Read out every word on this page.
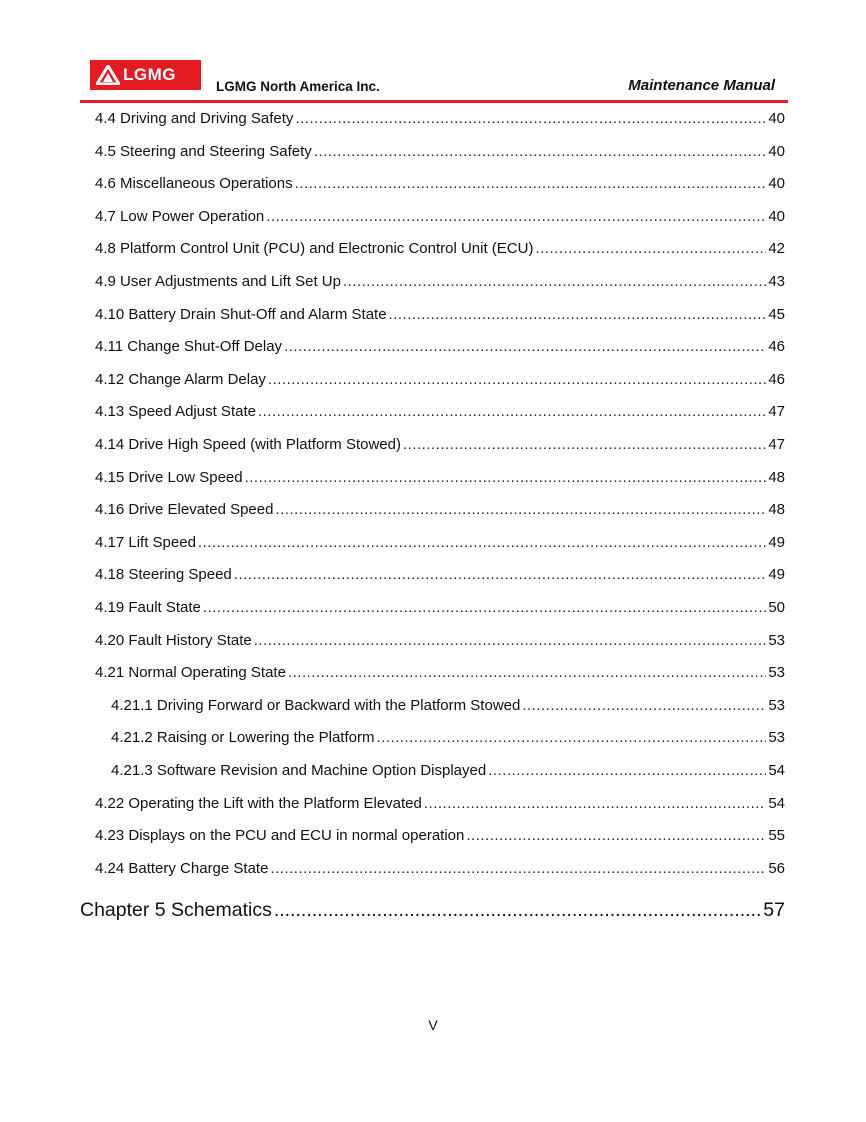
LGMG
LGMG North America Inc.	Maintenance Manual
4.4 Driving and Driving Safety .....	40
4.5 Steering and Steering Safety .....	40
4.6 Miscellaneous Operations .....	40
4.7 Low Power Operation .....	40
4.8 Platform Control Unit (PCU) and Electronic Control Unit (ECU) .....	42
4.9 User Adjustments and Lift Set Up .....	43
4.10 Battery Drain Shut-Off and Alarm State .....	45
4.11 Change Shut-Off Delay .....	46
4.12 Change Alarm Delay .....	46
4.13 Speed Adjust State .....	47
4.14 Drive High Speed (with Platform Stowed) .....	47
4.15 Drive Low Speed .....	48
4.16 Drive Elevated Speed .....	48
4.17 Lift Speed .....	49
4.18 Steering Speed .....	49
4.19 Fault State .....	50
4.20 Fault History State .....	53
4.21 Normal Operating State .....	53
4.21.1 Driving Forward or Backward with the Platform Stowed .....	53
4.21.2 Raising or Lowering the Platform .....	53
4.21.3 Software Revision and Machine Option Displayed .....	54
4.22 Operating the Lift with the Platform Elevated .....	54
4.23 Displays on the PCU and ECU in normal operation .....	55
4.24 Battery Charge State .....	56
Chapter 5 Schematics .....	57
V
